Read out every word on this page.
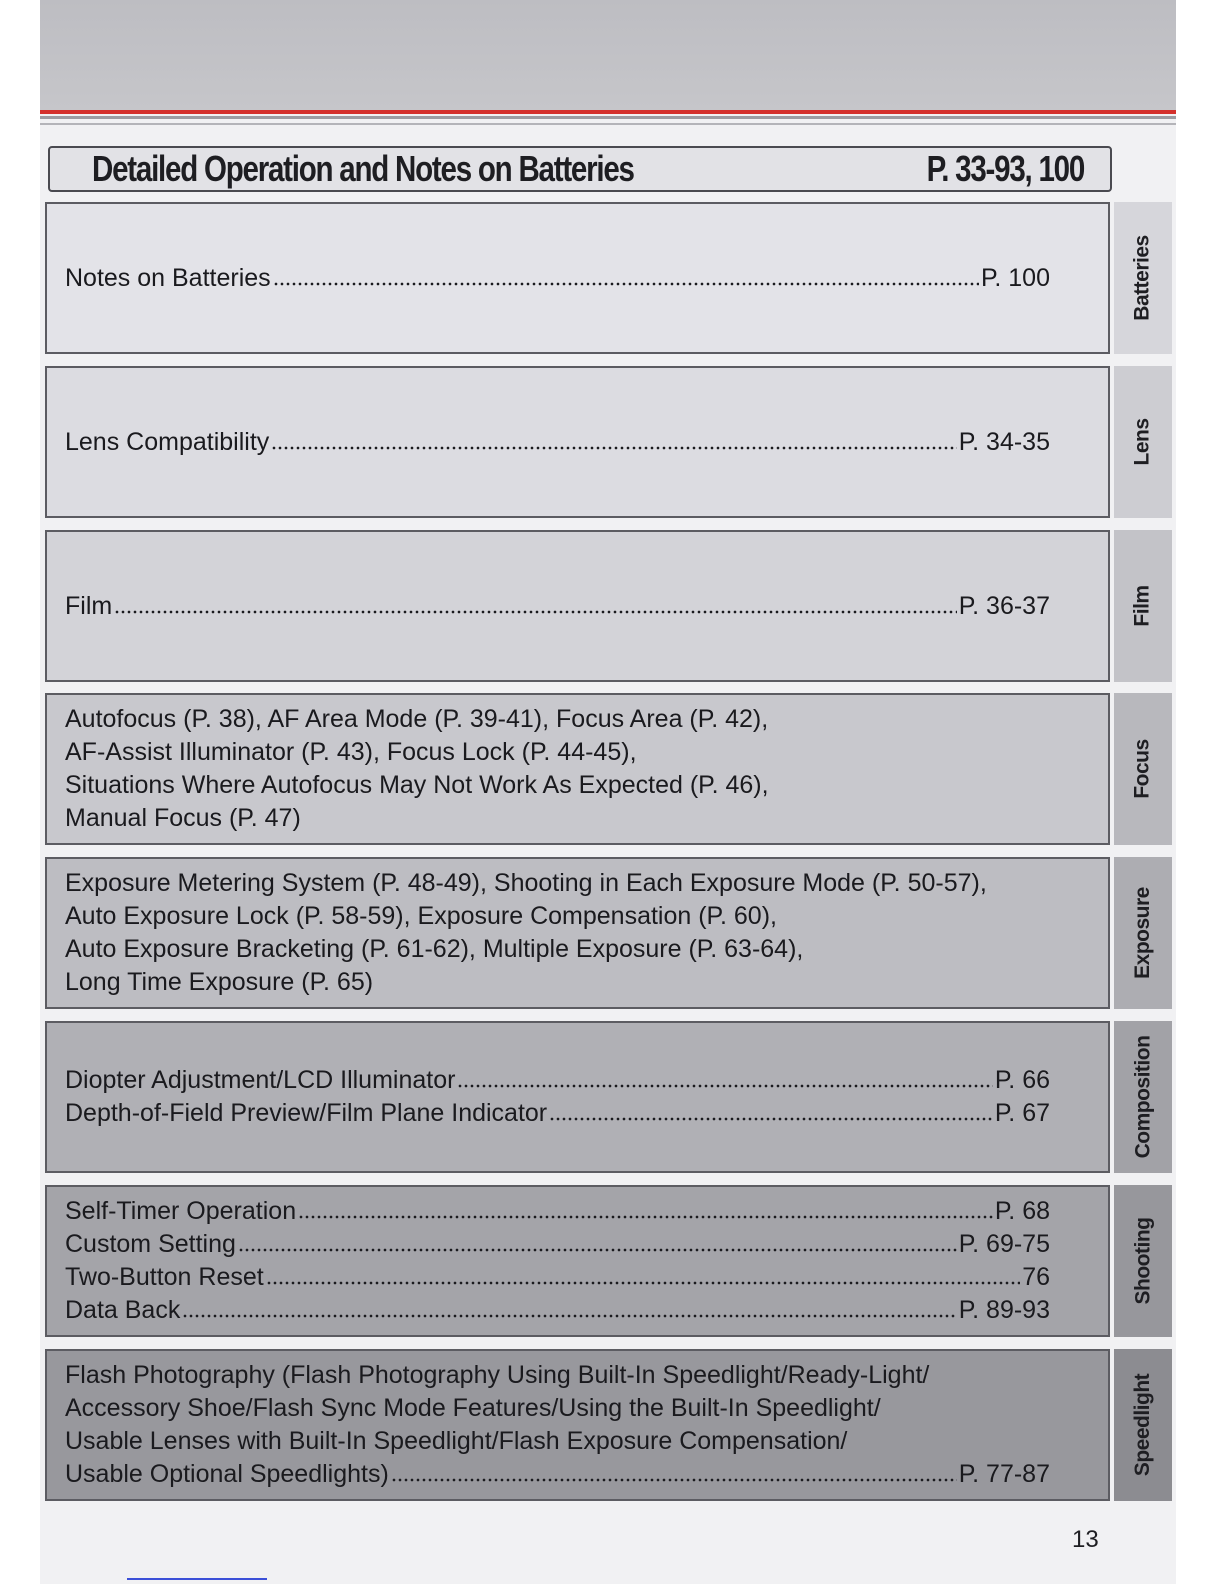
Detailed Operation and Notes on Batteries	P. 33-93, 100
Notes on Batteries	P. 100	Batteries
Lens Compatibility	P. 34-35	Lens
Film	P. 36-37	Film
Autofocus (P. 38), AF Area Mode (P. 39-41), Focus Area (P. 42),
AF-Assist Illuminator (P. 43), Focus Lock (P. 44-45),
Situations Where Autofocus May Not Work As Expected (P. 46),
Manual Focus (P. 47)
Focus
Exposure Metering System (P. 48-49), Shooting in Each Exposure Mode (P. 50-57),
Auto Exposure Lock (P. 58-59), Exposure Compensation (P. 60),
Auto Exposure Bracketing (P. 61-62), Multiple Exposure (P. 63-64),
Long Time Exposure (P. 65)
Exposure
Diopter Adjustment/LCD Illuminator	P. 66
Depth-of-Field Preview/Film Plane Indicator	P. 67	Composition
Self-Timer Operation	P. 68
Custom Setting	P. 69-75
Two-Button Reset	76
Data Back	P. 89-93
Shooting
Flash Photography (Flash Photography Using Built-In Speedlight/Ready-Light/
Accessory Shoe/Flash Sync Mode Features/Using the Built-In Speedlight/
Usable Lenses with Built-In Speedlight/Flash Exposure Compensation/
Usable Optional Speedlights)	P. 77-87	Speedlight
13
